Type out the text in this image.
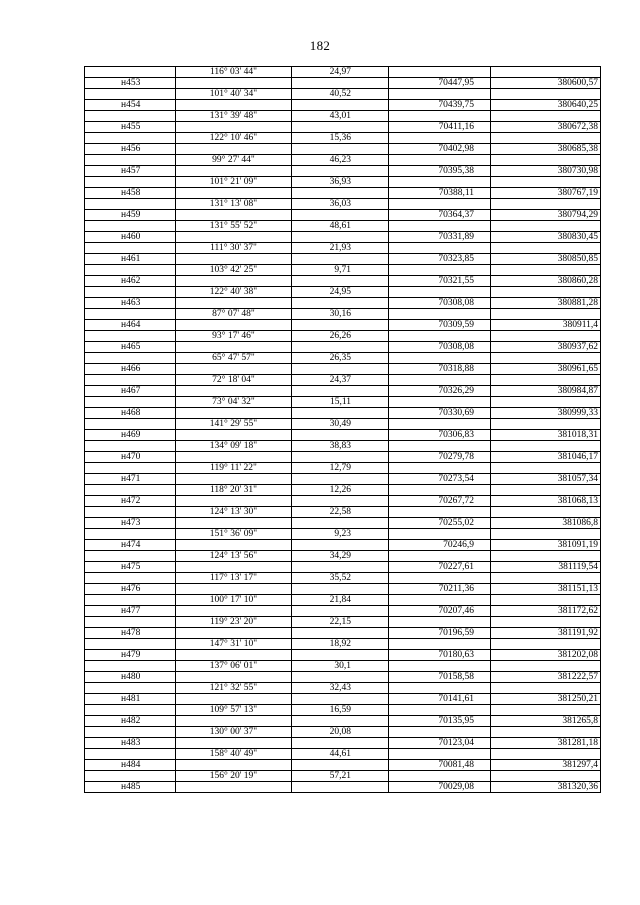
182
	116° 03' 44"	24,97		
н453			70447,95	380600,57
	101° 40' 34"	40,52		
н454			70439,75	380640,25
	131° 39' 48"	43,01		
н455			70411,16	380672,38
	122° 10' 46"	15,36		
н456			70402,98	380685,38
	99° 27' 44"	46,23		
н457			70395,38	380730,98
	101° 21' 09"	36,93		
н458			70388,11	380767,19
	131° 13' 08"	36,03		
н459			70364,37	380794,29
	131° 55' 52"	48,61		
н460			70331,89	380830,45
	111° 30' 37"	21,93		
н461			70323,85	380850,85
	103° 42' 25"	9,71		
н462			70321,55	380860,28
	122° 40' 38"	24,95		
н463			70308,08	380881,28
	87° 07' 48"	30,16		
н464			70309,59	380911,4
	93° 17' 46"	26,26		
н465			70308,08	380937,62
	65° 47' 57"	26,35		
н466			70318,88	380961,65
	72° 18' 04"	24,37		
н467			70326,29	380984,87
	73° 04' 32"	15,11		
н468			70330,69	380999,33
	141° 29' 55"	30,49		
н469			70306,83	381018,31
	134° 09' 18"	38,83		
н470			70279,78	381046,17
	119° 11' 22"	12,79		
н471			70273,54	381057,34
	118° 20' 31"	12,26		
н472			70267,72	381068,13
	124° 13' 30"	22,58		
н473			70255,02	381086,8
	151° 36' 09"	9,23		
н474			70246,9	381091,19
	124° 13' 56"	34,29		
н475			70227,61	381119,54
	117° 13' 17"	35,52		
н476			70211,36	381151,13
	100° 17' 10"	21,84		
н477			70207,46	381172,62
	119° 23' 20"	22,15		
н478			70196,59	381191,92
	147° 31' 10"	18,92		
н479			70180,63	381202,08
	137° 06' 01"	30,1		
н480			70158,58	381222,57
	121° 32' 55"	32,43		
н481			70141,61	381250,21
	109° 57' 13"	16,59		
н482			70135,95	381265,8
	130° 00' 37"	20,08		
н483			70123,04	381281,18
	158° 40' 49"	44,61		
н484			70081,48	381297,4
	156° 20' 19"	57,21		
н485			70029,08	381320,36
